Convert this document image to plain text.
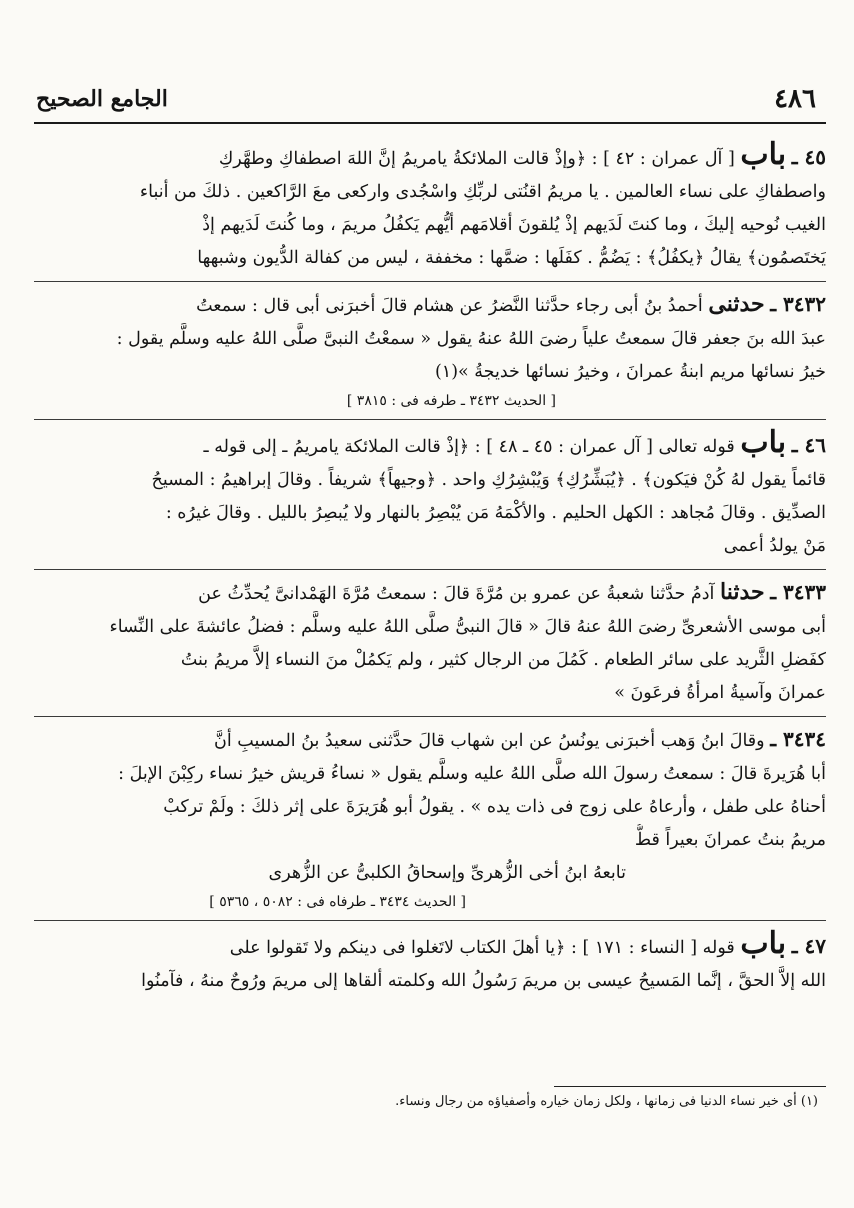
٤٨٦
الجامع الصحيح
٤٥ ـ باب [ آل عمران : ٤٢ ] : ﴿وإذْ قالت الملائكةُ يامريمُ إنَّ اللهَ اصطفاكِ وطهَّركِ
واصطفاكِ على نساء العالمين . يا مريمُ اقنُتى لربِّكِ واسْجُدى واركعى معَ الرَّاكعين . ذلكَ من أنباء
الغيب نُوحيه إليكَ ، وما كنتَ لَدَيهم إذْ يُلقونَ أقلامَهم أيُّهم يَكفُلُ مريمَ ، وما كُنتَ لَدَيهم إذْ
يَختَصمُون﴾ يقالُ ﴿يكفُلُ﴾ : يَضُمُّ . كفَلَها : ضمَّها : مخففة ، ليس من كفالة الدُّيون وشبهها
٣٤٣٢ ـ حدثنى أحمدُ بنُ أبى رجاء حدَّثنا النَّضرُ عن هشام قالَ أخبرَنى أبى قال : سمعتُ
عبدَ الله بنَ جعفر قالَ سمعتُ علياً رضىَ اللهُ عنهُ يقول « سمعْتُ النبىَّ صلَّى اللهُ عليه وسلَّم يقول :
خيرُ نسائها مريم ابنةُ عمرانَ ، وخيرُ نسائها خديجةُ »(١)
[ الحديث ٣٤٣٢ ـ طرفه فى : ٣٨١٥ ]
٤٦ ـ باب قوله تعالى [ آل عمران : ٤٥ ـ ٤٨ ] : ﴿إذْ قالت الملائكة يامريمُ ـ إلى قوله ـ
قائماً يقول لهُ كُنْ فيَكون﴾ . ﴿يُبَشِّرُكِ﴾ وَيُبْشِرُكِ واحد . ﴿وجيهاً﴾ شريفاً . وقالَ إبراهيمُ : المسيحُ
الصدِّيق . وقالَ مُجاهد : الكهل الحليم . والأكْمَهُ مَن يُبْصِرُ بالنهار ولا يُبصِرُ بالليل . وقالَ غيرُه :
مَنْ يولدُ أعمى
٣٤٣٣ ـ حدثنا آدمُ حدَّثنا شعبةُ عن عمرو بن مُرَّةَ قالَ : سمعتُ مُرَّةَ الهَمْدانىَّ يُحدِّثُ عن
أبى موسى الأشعرىِّ رضىَ اللهُ عنهُ قالَ « قالَ النبىُّ صلَّى اللهُ عليه وسلَّم : فضلُ عائشةَ على النِّساء
كفَضلِ الثَّريد على سائر الطعام . كَمُلَ من الرجال كثير ، ولم يَكمُلْ منَ النساء إلاَّ مريمُ بنتُ
عمرانَ وآسيةُ امرأةُ فرعَونَ »
٣٤٣٤ ـ وقالَ ابنُ وَهب أخبرَنى يونُسُ عن ابن شهاب قالَ حدَّثنى سعيدُ بنُ المسيبِ أنَّ
أبا هُرَيرةَ قالَ : سمعتُ رسولَ الله صلَّى اللهُ عليه وسلَّم يقول « نساءُ قريش خيرُ نساء ركِبْنَ الإبلَ :
أحناهُ على طفل ، وأرعاهُ على زوج فى ذات يده » . يقولُ أبو هُرَيرَةَ على إثر ذلكَ : ولَمْ تركبْ
مريمُ بنتُ عمرانَ بعيراً قطُّ
تابعهُ ابنُ أخى الزُّهرىِّ وإسحاقُ الكلبىُّ عن الزُّهرى
[ الحديث ٣٤٣٤ ـ طرفاه فى : ٥٠٨٢ ، ٥٣٦٥ ]
٤٧ ـ باب قوله [ النساء : ١٧١ ] : ﴿يا أهلَ الكتاب لاتَغلوا فى دينكم ولا تَقولوا على
الله إلاَّ الحقَّ ، إنَّما المَسيحُ عيسى بن مريمَ رَسُولُ الله وكلمته ألقاها إلى مريمَ ورُوحٌ منهُ ، فآمنُوا
(١) أى خير نساء الدنيا فى زمانها ، ولكل زمان خياره وأصفياؤه من رجال ونساء.
